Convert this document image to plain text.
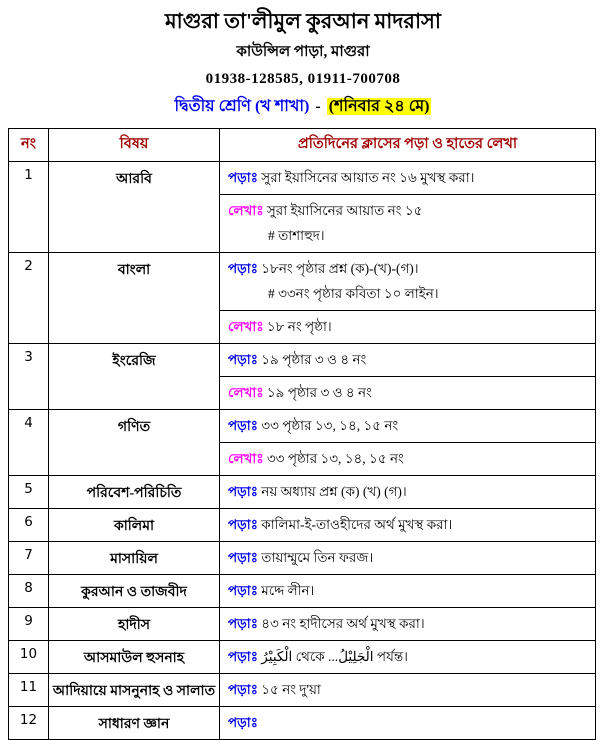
মাগুরা তা'লীমুল কুরআন মাদরাসা
কাউন্সিল পাড়া, মাগুরা
01938-128585, 01911-700708
দ্বিতীয় শ্রেণি (খ শাখা) - (শনিবার ২৪ মে)
নং	বিষয়	প্রতিদিনের ক্লাসের পড়া ও হাতের লেখা
1	আরবি	পড়াঃ সুরা ইয়াসিনের আয়াত নং ১৬ মুখস্থ করা।
লেখাঃ সুরা ইয়াসিনের আয়াত নং ১৫
# তাশাহুদ।

2	বাংলা	পড়াঃ ১৮নং পৃষ্ঠার প্রশ্ন (ক)-(খ)-(গ)।
# ৩৩নং পৃষ্ঠার কবিতা ১০ লাইন।
লেখাঃ ১৮ নং পৃষ্ঠা।

3	ইংরেজি	পড়াঃ ১৯ পৃষ্ঠার ৩ ও ৪ নং
লেখাঃ ১৯ পৃষ্ঠার ৩ ও ৪ নং

4	গণিত	পড়াঃ ৩৩ পৃষ্ঠার ১৩, ১৪, ১৫ নং
লেখাঃ ৩৩ পৃষ্ঠার ১৩, ১৪, ১৫ নং

5	পরিবেশ-পরিচিতি	পড়াঃ নয় অধ্যায় প্রশ্ন (ক) (খ) (গ)।

6	কালিমা	পড়াঃ কালিমা-ই-তাওহীদের অর্থ মুখস্থ করা।

7	মাসায়িল	পড়াঃ তায়াম্মুমে তিন ফরজ।

8	কুরআন ও তাজবীদ	পড়াঃ মদ্দে লীন।

9	হাদীস	পড়াঃ ৪৩ নং হাদীসের অর্থ মুখস্থ করা।

10	আসমাউল হুসনাহ	পড়াঃ الْكَبِيْرُ থেকে ...الْجَلِيْلُ পর্যন্ত।

11	আদিয়ায়ে মাসনুনাহ ও সালাত	পড়াঃ ১৫ নং দু'য়া

12	সাধারণ জ্ঞান	পড়াঃ
